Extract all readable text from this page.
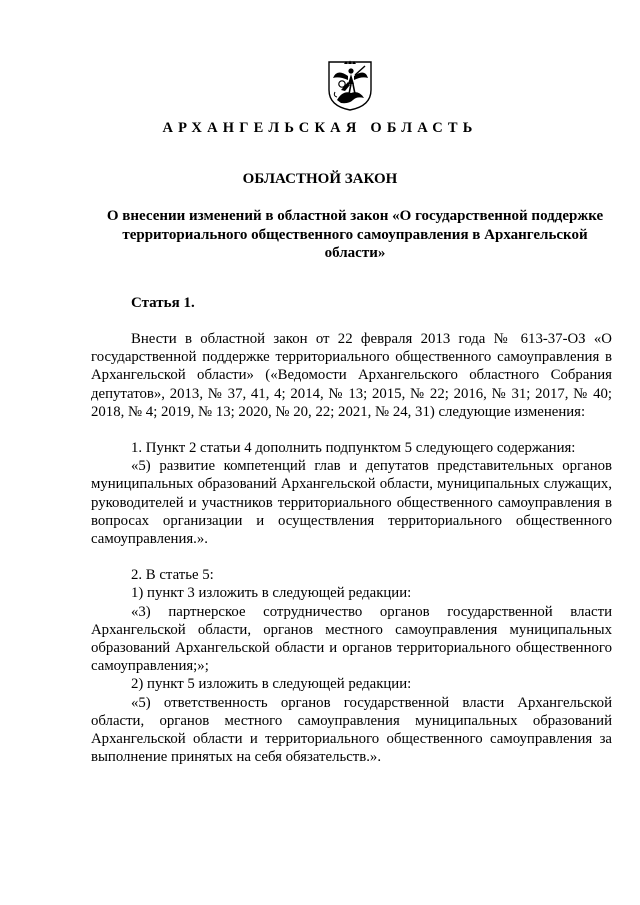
АРХАНГЕЛЬСКАЯ ОБЛАСТЬ
ОБЛАСТНОЙ ЗАКОН
О внесении изменений в областной закон «О государственной поддержке территориального общественного самоуправления в Архангельской области»
Статья 1.

Внести в областной закон от 22 февраля 2013 года № 613-37-ОЗ «О государственной поддержке территориального общественного самоуправления в Архангельской области» («Ведомости Архангельского областного Собрания депутатов», 2013, № 37, 41, 4; 2014, № 13; 2015, № 22; 2016, № 31; 2017, № 40; 2018, № 4; 2019, № 13; 2020, № 20, 22; 2021, № 24, 31) следующие изменения:

1. Пункт 2 статьи 4 дополнить подпунктом 5 следующего содержания:

«5) развитие компетенций глав и депутатов представительных органов муниципальных образований Архангельской области, муниципальных служащих, руководителей и участников территориального общественного самоуправления в вопросах организации и осуществления территориального общественного самоуправления.».

2. В статье 5:

1) пункт 3 изложить в следующей редакции:

«3) партнерское сотрудничество органов государственной власти Архангельской области, органов местного самоуправления муниципальных образований Архангельской области и органов территориального общественного самоуправления;»;

2) пункт 5 изложить в следующей редакции:

«5) ответственность органов государственной власти Архангельской области, органов местного самоуправления муниципальных образований Архангельской области и территориального общественного самоуправления за выполнение принятых на себя обязательств.».
